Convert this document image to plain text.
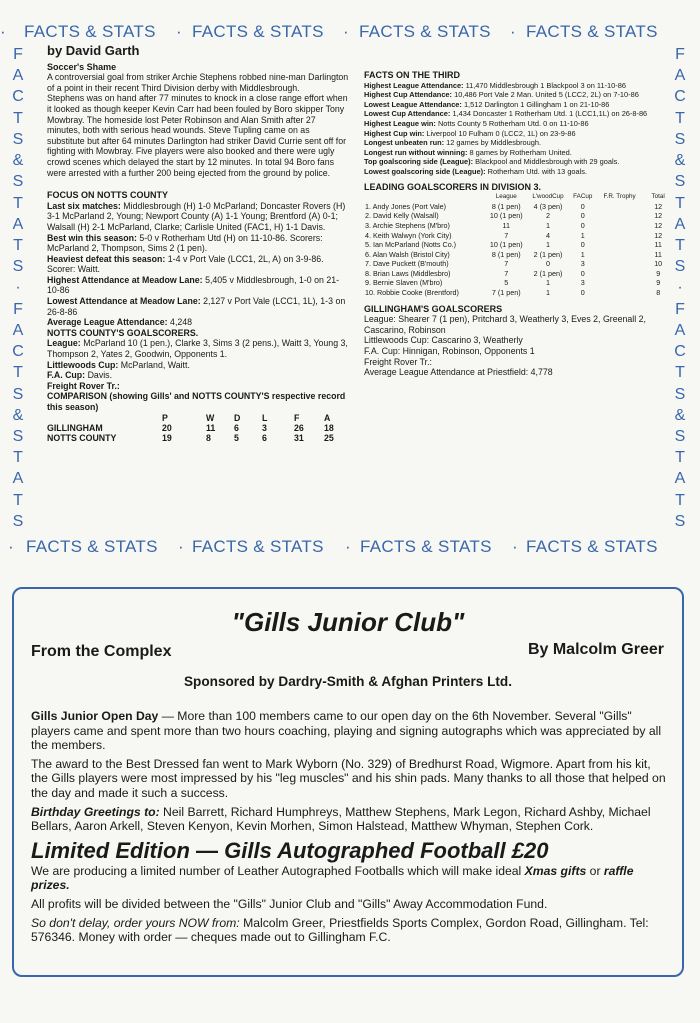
· FACTS & STATS · FACTS & STATS · FACTS & STATS · FACTS & STATS
· FACTS & STATS · FACTS & STATS · FACTS & STATS · FACTS & STATS
F
A
C
T
S
&
S
T
A
T
S
·
F
A
C
T
S
&
S
T
A
T
S
F
A
C
T
S
&
S
T
A
T
S
·
F
A
C
T
S
&
S
T
A
T
S
by David Garth

Soccer's Shame

A controversial goal from striker Archie Stephens robbed nine-man Darlington of a point in their recent Third Division derby with Middlesbrough.

Stephens was on hand after 77 minutes to knock in a close range effort when it looked as though keeper Kevin Carr had been fouled by Boro skipper Tony Mowbray. The homeside lost Peter Robinson and Alan Smith after 27 minutes, both with serious head wounds. Steve Tupling came on as substitute but after 64 minutes Darlington had striker David Currie sent off for fighting with Mowbray. Five players were also booked and there were ugly crowd scenes which delayed the start by 12 minutes. In total 94 Boro fans were arrested with a further 200 being ejected from the ground by police.

FOCUS ON NOTTS COUNTY

Last six matches: Middlesbrough (H) 1-0 McParland; Doncaster Rovers (H) 3-1 McParland 2, Young; Newport County (A) 1-1 Young; Brentford (A) 0-1; Walsall (H) 2-1 McParland, Clarke; Carlisle United (FAC1, H) 1-1 Davis.

Best win this season: 5-0 v Rotherham Utd (H) on 11-10-86. Scorers: McParland 2, Thompson, Sims 2 (1 pen).

Heaviest defeat this season: 1-4 v Port Vale (LCC1, 2L, A) on 3-9-86. Scorer: Waitt.

Highest Attendance at Meadow Lane: 5,405 v Middlesbrough, 1-0 on 21-10-86

Lowest Attendance at Meadow Lane: 2,127 v Port Vale (LCC1, 1L), 1-3 on 26-8-86

Average League Attendance: 4,248

NOTTS COUNTY'S GOALSCORERS.

League: McParland 10 (1 pen.), Clarke 3, Sims 3 (2 pens.), Waitt 3, Young 3, Thompson 2, Yates 2, Goodwin, Opponents 1.

Littlewoods Cup: McParland, Waitt.

F.A. Cup: Davis.

Freight Rover Tr.:

COMPARISON (showing Gills' and NOTTS COUNTY'S respective record this season)

	P	W	D	L	F	A
GILLINGHAM	20	11	6	3	26	18
NOTTS COUNTY	19	8	5	6	31	25

FACTS ON THE THIRD

Highest League Attendance: 11,470 Middlesbrough 1 Blackpool 3 on 11-10-86

Highest Cup Attendance: 10,486 Port Vale 2 Man. United 5 (LCC2, 2L) on 7-10-86

Lowest League Attendance: 1,512 Darlington 1 Gillingham 1 on 21-10-86

Lowest Cup Attendance: 1,434 Doncaster 1 Rotherham Utd. 1 (LCC1,1L) on 26-8-86

Highest League win: Notts County 5 Rotherham Utd. 0 on 11-10-86

Highest Cup win: Liverpool 10 Fulham 0 (LCC2, 1L) on 23-9-86

Longest unbeaten run: 12 games by Middlesbrough.

Longest run without winning: 8 games by Rotherham United.

Top goalscoring side (League): Blackpool and Middlesbrough with 29 goals.

Lowest goalscoring side (League): Rotherham Utd. with 13 goals.

LEADING GOALSCORERS IN DIVISION 3.

	League	L'woodCup	FACup	F.R. Trophy	Total
1. Andy Jones (Port Vale)	8 (1 pen)	4 (3 pen)	0		12
2. David Kelly (Walsall)	10 (1 pen)	2	0		12
3. Archie Stephens (M'bro)	11	1	0		12
4. Keith Walwyn (York City)	7	4	1		12
5. Ian McParland (Notts Co.)	10 (1 pen)	1	0		11
6. Alan Walsh (Bristol City)	8 (1 pen)	2 (1 pen)	1		11
7. Dave Puckett (B'mouth)	7	0	3		10
8. Brian Laws (Middlesbro)	7	2 (1 pen)	0		9
9. Bernie Slaven (M'bro)	5	1	3		9
10. Robbie Cooke (Brentford)	7 (1 pen)	1	0		8

GILLINGHAM'S GOALSCORERS

League: Shearer 7 (1 pen), Pritchard 3, Weatherly 3, Eves 2, Greenall 2, Cascarino, Robinson

Littlewoods Cup: Cascarino 3, Weatherly

F.A. Cup: Hinnigan, Robinson, Opponents 1

Freight Rover Tr.:

Average League Attendance at Priestfield: 4,778

"Gills Junior Club"
From the Complex	By Malcolm Greer
Sponsored by Dardry-Smith & Afghan Printers Ltd.

Gills Junior Open Day — More than 100 members came to our open day on the 6th November. Several "Gills" players came and spent more than two hours coaching, playing and signing autographs which was appreciated by all the members.

The award to the Best Dressed fan went to Mark Wyborn (No. 329) of Bredhurst Road, Wigmore. Apart from his kit, the Gills players were most impressed by his "leg muscles" and his shin pads. Many thanks to all those that helped on the day and made it such a success.

Birthday Greetings to: Neil Barrett, Richard Humphreys, Matthew Stephens, Mark Legon, Richard Ashby, Michael Bellars, Aaron Arkell, Steven Kenyon, Kevin Morhen, Simon Halstead, Matthew Whyman, Stephen Cork.

Limited Edition — Gills Autographed Football £20

We are producing a limited number of Leather Autographed Footballs which will make ideal Xmas gifts or raffle prizes.

All profits will be divided between the "Gills" Junior Club and "Gills" Away Accommodation Fund.

So don't delay, order yours NOW from: Malcolm Greer, Priestfields Sports Complex, Gordon Road, Gillingham. Tel: 576346. Money with order — cheques made out to Gillingham F.C.
